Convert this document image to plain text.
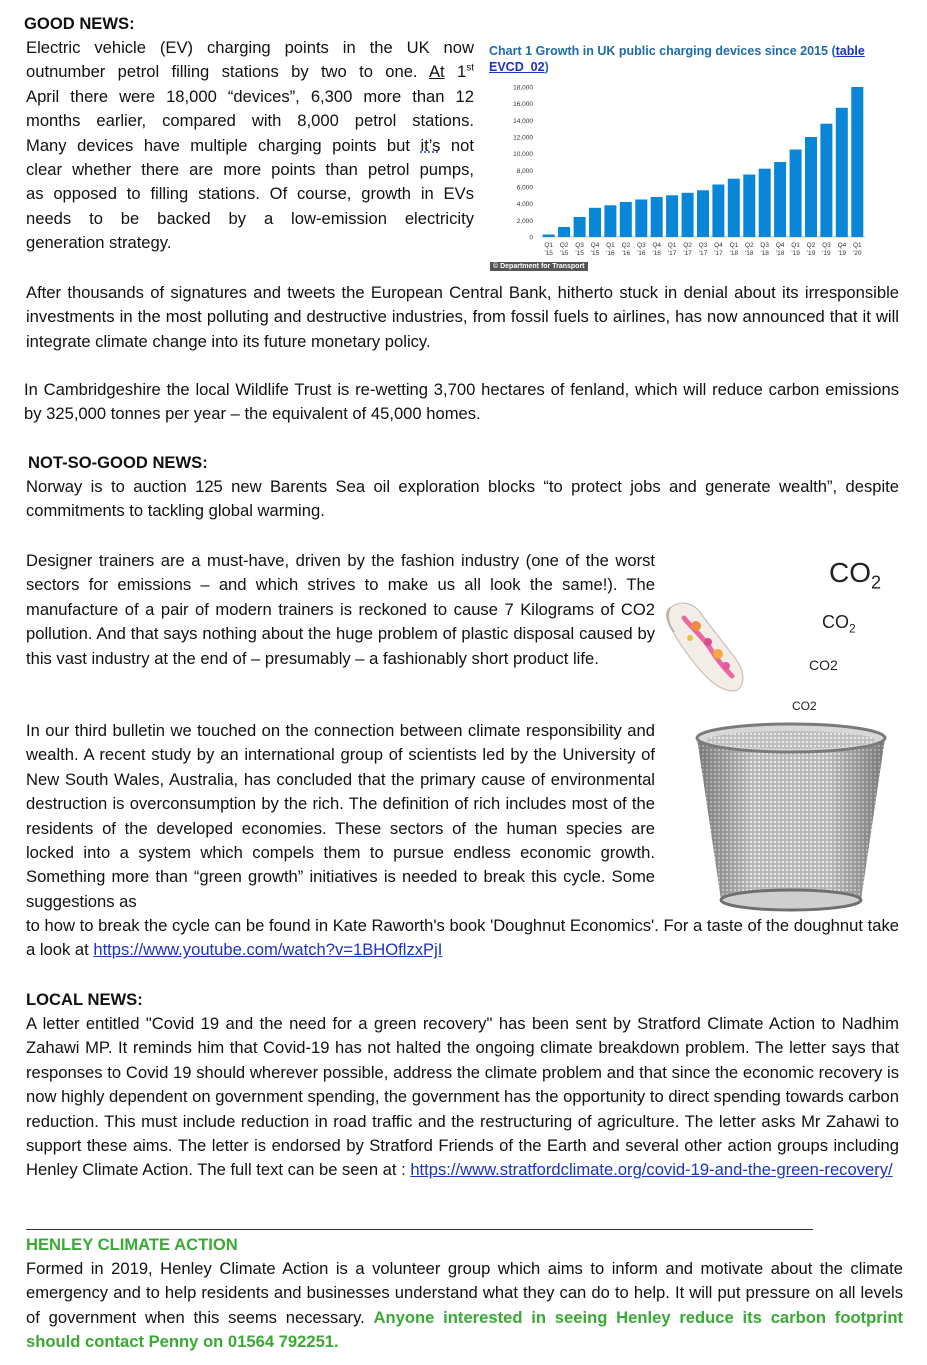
GOOD NEWS:
Electric vehicle (EV) charging points in the UK now
outnumber petrol filling stations by two to one. At 1st
April there were 18,000 “devices”, 6,300 more than 12
months earlier, compared with 8,000 petrol stations.
Many devices have multiple charging points but it’s not
clear whether there are more points than petrol pumps,
as opposed to filling stations. Of course, growth in EVs
needs to be backed by a low-emission electricity
generation strategy.
Chart 1 Growth in UK public charging devices since 2015 (table EVCD_02)
0
2,000
4,000
6,000
8,000
10,000
12,000
14,000
16,000
18,000
Q1
'15
Q2
'15
Q3
'15
Q4
'15
Q1
'16
Q2
'16
Q3
'16
Q4
'16
Q1
'17
Q2
'17
Q3
'17
Q4
'17
Q1
'18
Q2
'18
Q3
'18
Q4
'18
Q1
'19
Q2
'19
Q3
'19
Q4
'19
Q1
'20
© Department for Transport
After thousands of signatures and tweets the European Central Bank, hitherto stuck in denial about its irresponsible investments in the most polluting and destructive industries, from fossil fuels to airlines, has now announced that it will integrate climate change into its future monetary policy.
In Cambridgeshire the local Wildlife Trust is re-wetting 3,700 hectares of fenland, which will reduce carbon emissions by 325,000 tonnes per year – the equivalent of 45,000 homes.
NOT-SO-GOOD NEWS:
Norway is to auction 125 new Barents Sea oil exploration blocks “to protect jobs and generate wealth”, despite commitments to tackling global warming.
Designer trainers are a must-have, driven by the fashion industry (one of the worst sectors for emissions – and which strives to make us all look the same!). The manufacture of a pair of modern trainers is reckoned to cause 7 Kilograms of CO2 pollution. And that says nothing about the huge problem of plastic disposal caused by this vast industry at the end of – presumably – a fashionably short product life.
$CO_2$
$CO_2$
CO2
CO2
In our third bulletin we touched on the connection between climate responsibility and wealth. A recent study by an international group of scientists led by the University of New South Wales, Australia, has concluded that the primary cause of environmental destruction is overconsumption by the rich. The definition of rich includes most of the residents of the developed economies. These sectors of the human species are locked into a system which compels them to pursue endless economic growth. Something more than “green growth” initiatives is needed to break this cycle. Some suggestions as
to how to break the cycle can be found in Kate Raworth's book 'Doughnut Economics'. For a taste of the doughnut take a look at https://www.youtube.com/watch?v=1BHOflzxPjI
LOCAL NEWS:
A letter entitled "Covid 19 and the need for a green recovery" has been sent by Stratford Climate Action to Nadhim Zahawi MP. It reminds him that Covid-19 has not halted the ongoing climate breakdown problem. The letter says that responses to Covid 19 should wherever possible, address the climate problem and that since the economic recovery is now highly dependent on government spending, the government has the opportunity to direct spending towards carbon reduction. This must include reduction in road traffic and the restructuring of agriculture. The letter asks Mr Zahawi to support these aims. The letter is endorsed by Stratford Friends of the Earth and several other action groups including Henley Climate Action. The full text can be seen at : https://www.stratfordclimate.org/covid-19-and-the-green-recovery/
HENLEY CLIMATE ACTION
Formed in 2019, Henley Climate Action is a volunteer group which aims to inform and motivate about the climate emergency and to help residents and businesses understand what they can do to help. It will put pressure on all levels of government when this seems necessary. Anyone interested in seeing Henley reduce its carbon footprint should contact Penny on 01564 792251.
